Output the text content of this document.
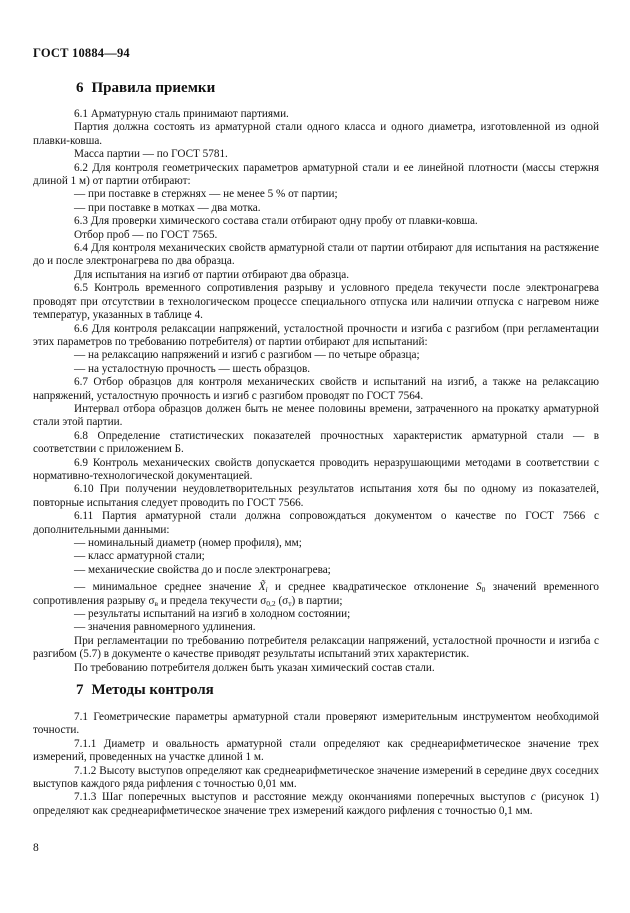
ГОСТ 10884—94
6 Правила приемки

6.1 Арматурную сталь принимают партиями.

Партия должна состоять из арматурной стали одного класса и одного диаметра, изготовленной из одной плавки-ковша.

Масса партии — по ГОСТ 5781.

6.2 Для контроля геометрических параметров арматурной стали и ее линейной плотности (массы стержня длиной 1 м) от партии отбирают:

— при поставке в стержнях — не менее 5 % от партии;

— при поставке в мотках — два мотка.

6.3 Для проверки химического состава стали отбирают одну пробу от плавки-ковша.

Отбор проб — по ГОСТ 7565.

6.4 Для контроля механических свойств арматурной стали от партии отбирают для испытания на растяжение до и после электронагрева по два образца.

Для испытания на изгиб от партии отбирают два образца.

6.5 Контроль временного сопротивления разрыву и условного предела текучести после электронагрева проводят при отсутствии в технологическом процессе специального отпуска или наличии отпуска с нагревом ниже температур, указанных в таблице 4.

6.6 Для контроля релаксации напряжений, усталостной прочности и изгиба с разгибом (при регламентации этих параметров по требованию потребителя) от партии отбирают для испытаний:

— на релаксацию напряжений и изгиб с разгибом — по четыре образца;

— на усталостную прочность — шесть образцов.

6.7 Отбор образцов для контроля механических свойств и испытаний на изгиб, а также на релаксацию напряжений, усталостную прочность и изгиб с разгибом проводят по ГОСТ 7564.

Интервал отбора образцов должен быть не менее половины времени, затраченного на прокатку арматурной стали этой партии.

6.8 Определение статистических показателей прочностных характеристик арматурной стали — в соответствии с приложением Б.

6.9 Контроль механических свойств допускается проводить неразрушающими методами в соответствии с нормативно-технологической документацией.

6.10 При получении неудовлетворительных результатов испытания хотя бы по одному из показателей, повторные испытания следует проводить по ГОСТ 7566.

6.11 Партия арматурной стали должна сопровождаться документом о качестве по ГОСТ 7566 с дополнительными данными:

— номинальный диаметр (номер профиля), мм;

— класс арматурной стали;

— механические свойства до и после электронагрева;

— минимальное среднее значение $X̃_i$ и среднее квадратическое отклонение $S_0$ значений временного сопротивления разрыву $\sigma_в$ и предела текучести $\sigma_{0,2}$ $(\sigma_т)$ в партии;

— результаты испытаний на изгиб в холодном состоянии;

— значения равномерного удлинения.

При регламентации по требованию потребителя релаксации напряжений, усталостной прочности и изгиба с разгибом (5.7) в документе о качестве приводят результаты испытаний этих характеристик.

По требованию потребителя должен быть указан химический состав стали.

7 Методы контроля

7.1 Геометрические параметры арматурной стали проверяют измерительным инструментом необходимой точности.

7.1.1 Диаметр и овальность арматурной стали определяют как среднеарифметическое значение трех измерений, проведенных на участке длиной 1 м.

7.1.2 Высоту выступов определяют как среднеарифметическое значение измерений в середине двух соседних выступов каждого ряда рифления с точностью 0,01 мм.

7.1.3 Шаг поперечных выступов и расстояние между окончаниями поперечных выступов c (рисунок 1) определяют как среднеарифметическое значение трех измерений каждого рифления с точностью 0,1 мм.

8
